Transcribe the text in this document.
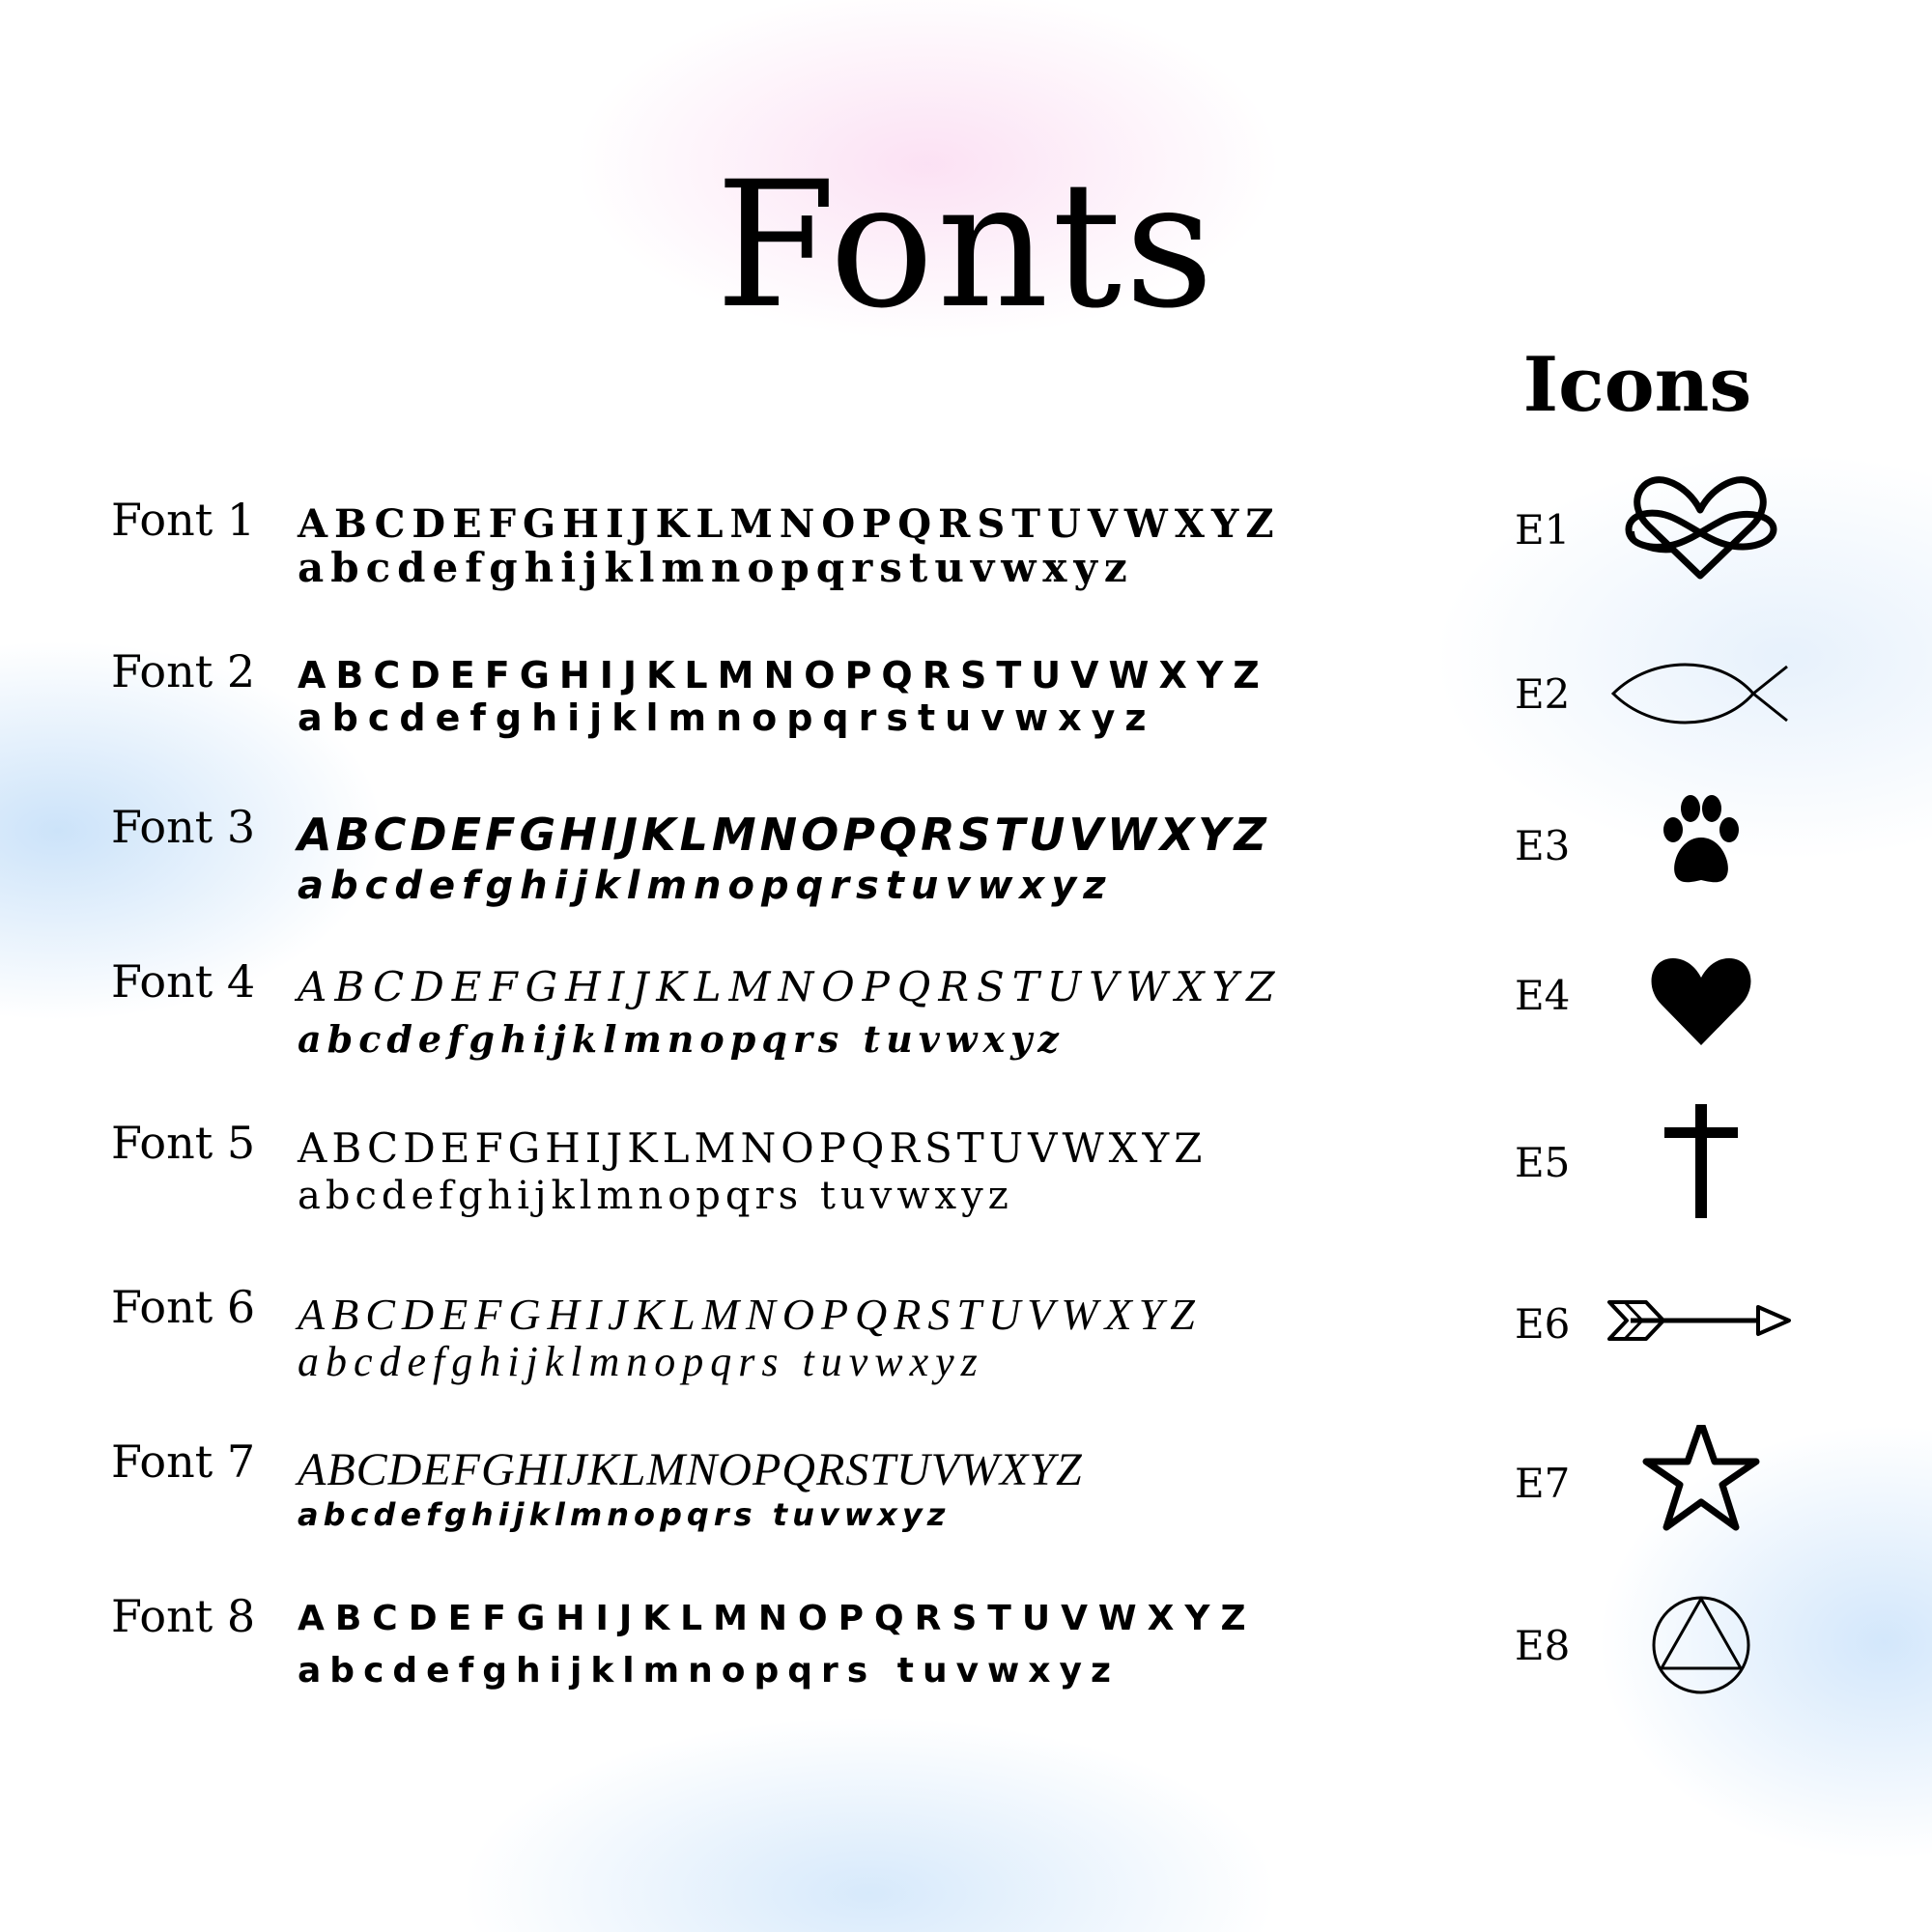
Fonts
Icons
Font 1 ABCDEFGHIJKLMNOPQRSTUVWXYZ
abcdefghijklmnopqrstuvwxyz
Font 2 ABCDEFGHIJKLMNOPQRSTUVWXYZ
abcdefghijklmnopqrstuvwxyz
Font 3 ABCDEFGHIJKLMNOPQRSTUVWXYZ
abcdefghijklmnopqrstuvwxyz
Font 4 ABCDEFGHIJKLMNOPQRSTUVWXYZ
abcdefghijklmnopqrs tuvwxyz
Font 5 ABCDEFGHIJKLMNOPQRSTUVWXYZ
abcdefghijklmnopqrs tuvwxyz
Font 6 ABCDEFGHIJKLMNOPQRSTUVWXYZ
abcdefghijklmnopqrs tuvwxyz
Font 7 ABCDEFGHIJKLMNOPQRSTUVWXYZ
abcdefghijklmnopqrs tuvwxyz
Font 8 ABCDEFGHIJKLMNOPQRSTUVWXYZ
abcdefghijklmnopqrs tuvwxyz
E1
E2
E3
E4
E5
E6
E7
E8
